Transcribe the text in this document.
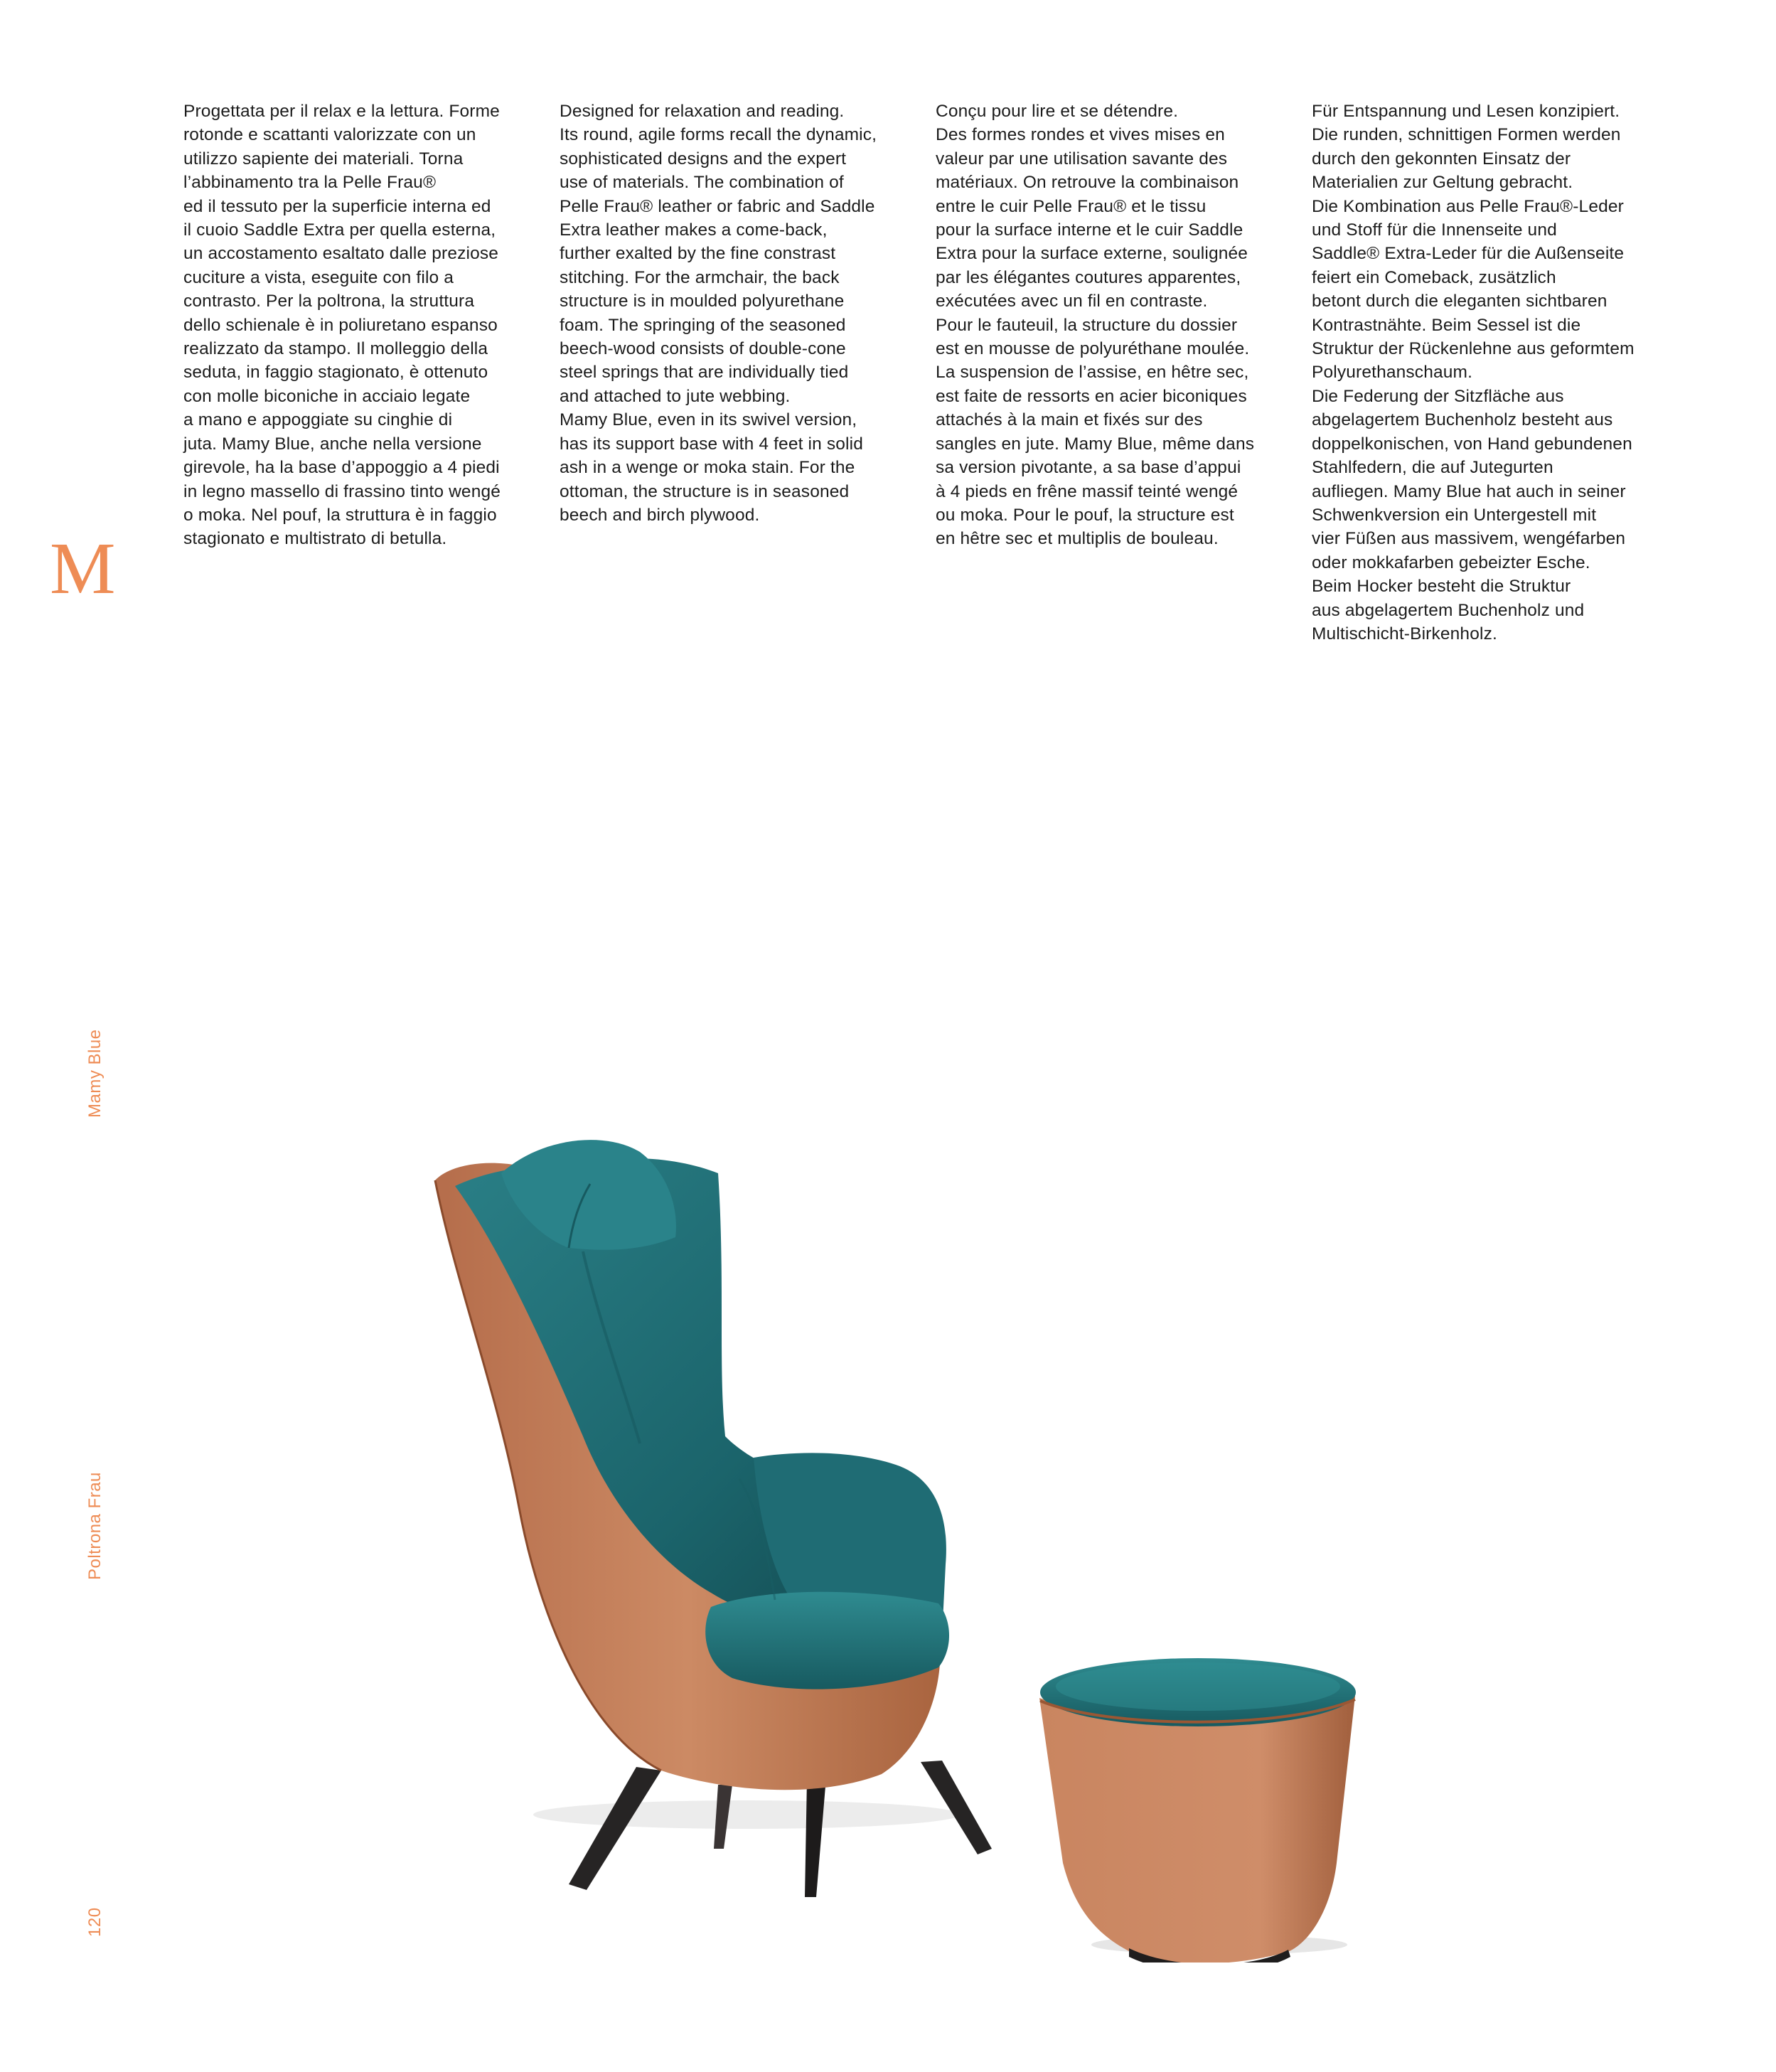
Progettata per il relax e la lettura. Forme

rotonde e scattanti valorizzate con un

utilizzo sapiente dei materiali. Torna

l’abbinamento tra la Pelle Frau®

ed il tessuto per la superficie interna ed

il cuoio Saddle Extra per quella esterna,

un accostamento esaltato dalle preziose

cuciture a vista, eseguite con filo a

contrasto. Per la poltrona, la struttura

dello schienale è in poliuretano espanso

realizzato da stampo. Il molleggio della

seduta, in faggio stagionato, è ottenuto

con molle biconiche in acciaio legate

a mano e appoggiate su cinghie di

juta. Mamy Blue, anche nella versione

girevole, ha la base d’appoggio a 4 piedi

in legno massello di frassino tinto wengé

o moka. Nel pouf, la struttura è in faggio

stagionato e multistrato di betulla.

Designed for relaxation and reading.

Its round, agile forms recall the dynamic,

sophisticated designs and the expert

use of materials. The combination of

Pelle Frau® leather or fabric and Saddle

Extra leather makes a come-back,

further exalted by the fine constrast

stitching. For the armchair, the back

structure is in moulded polyurethane

foam. The springing of the seasoned

beech-wood consists of double-cone

steel springs that are individually tied

and attached to jute webbing.

Mamy Blue, even in its swivel version,

has its support base with 4 feet in solid

ash in a wenge or moka stain. For the

ottoman, the structure is in seasoned

beech and birch plywood.

Conçu pour lire et se détendre.

Des formes rondes et vives mises en

valeur par une utilisation savante des

matériaux. On retrouve la combinaison

entre le cuir Pelle Frau® et le tissu

pour la surface interne et le cuir Saddle

Extra pour la surface externe, soulignée

par les élégantes coutures apparentes,

exécutées avec un fil en contraste.

Pour le fauteuil, la structure du dossier

est en mousse de polyuréthane moulée.

La suspension de l’assise, en hêtre sec,

est faite de ressorts en acier biconiques

attachés à la main et fixés sur des

sangles en jute. Mamy Blue, même dans

sa version pivotante, a sa base d’appui

à 4 pieds en frêne massif teinté wengé

ou moka. Pour le pouf, la structure est

en hêtre sec et multiplis de bouleau.

Für Entspannung und Lesen konzipiert.

Die runden, schnittigen Formen werden

durch den gekonnten Einsatz der

Materialien zur Geltung gebracht.

Die Kombination aus Pelle Frau®-Leder

und Stoff für die Innenseite und

Saddle® Extra-Leder für die Außenseite

feiert ein Comeback, zusätzlich

betont durch die eleganten sichtbaren

Kontrastnähte. Beim Sessel ist die

Struktur der Rückenlehne aus geformtem

Polyurethanschaum.

Die Federung der Sitzfläche aus

abgelagertem Buchenholz besteht aus

doppelkonischen, von Hand gebundenen

Stahlfedern, die auf Jutegurten

aufliegen. Mamy Blue hat auch in seiner

Schwenkversion ein Untergestell mit

vier Füßen aus massivem, wengéfarben

oder mokkafarben gebeizter Esche.

Beim Hocker besteht die Struktur

aus abgelagertem Buchenholz und

Multischicht-Birkenholz.

M
Mamy Blue
Poltrona Frau
120
